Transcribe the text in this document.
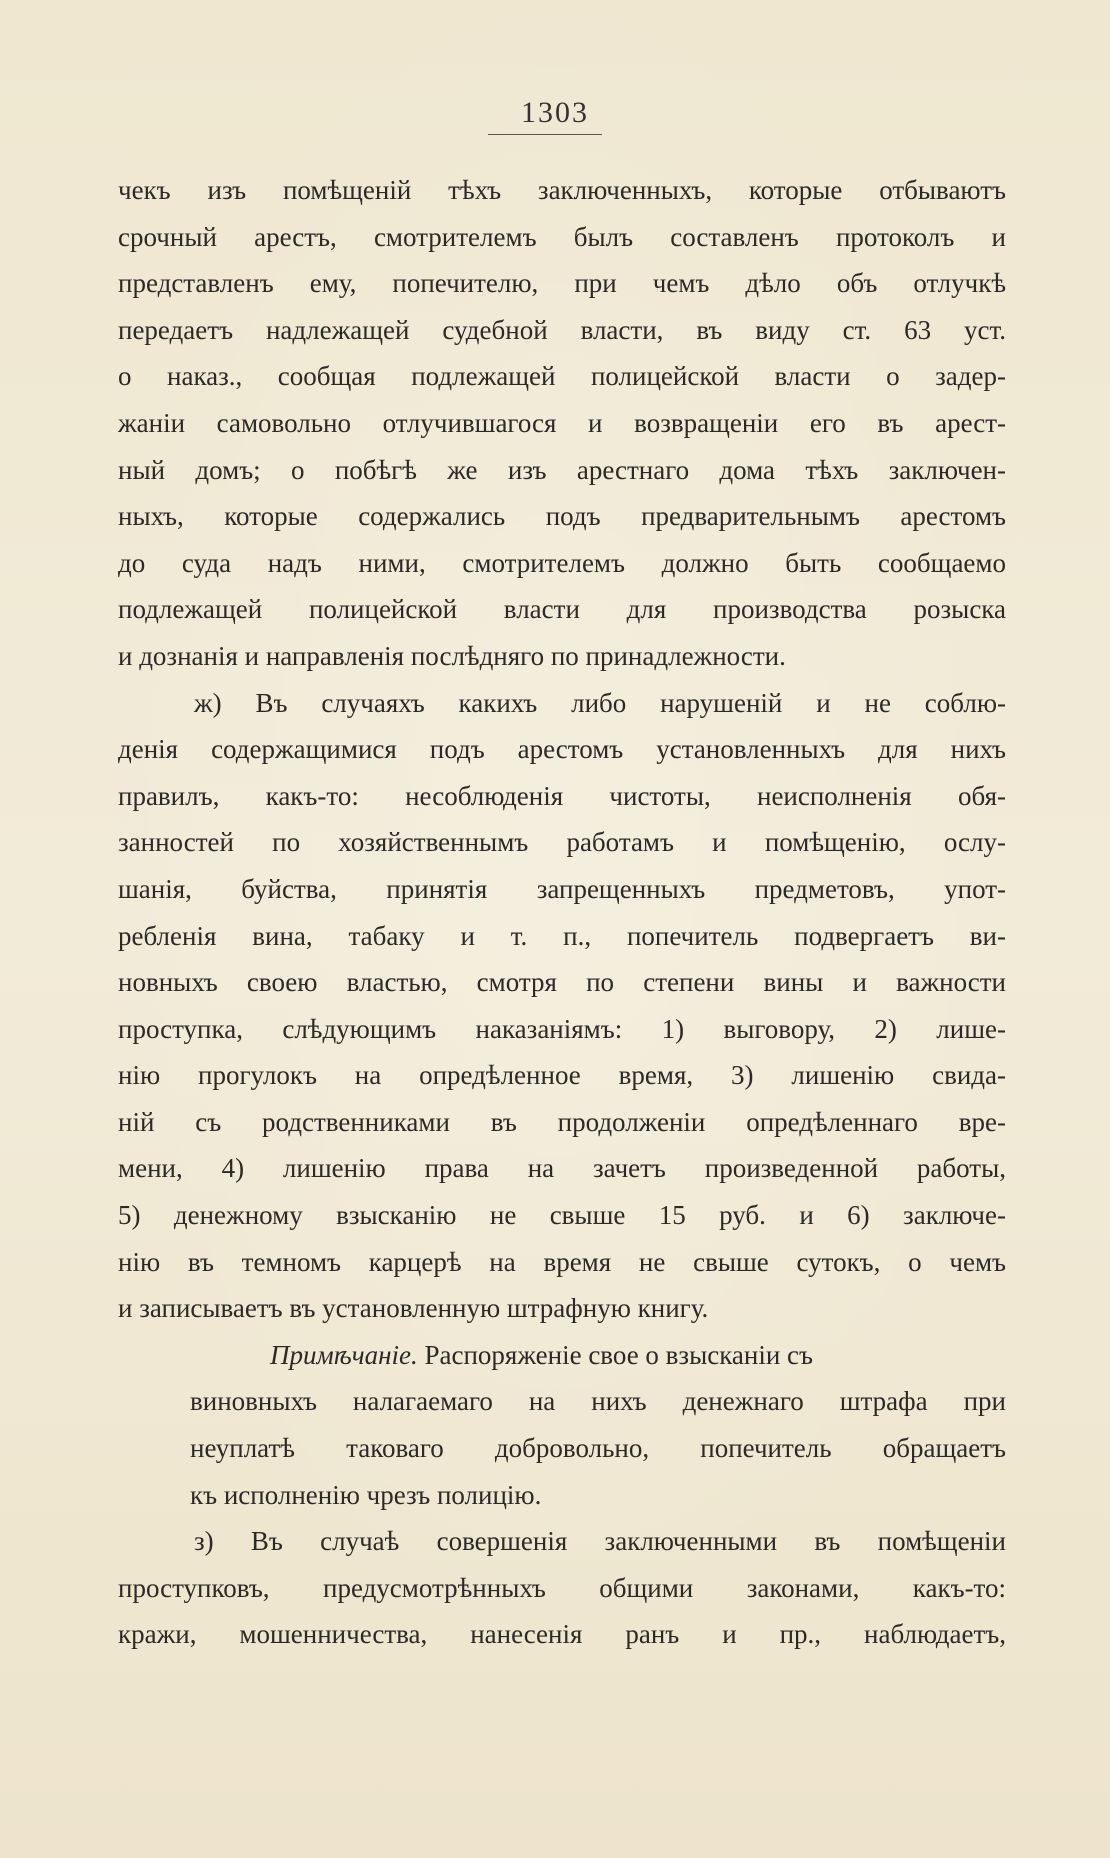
1303
чекъ изъ помѣщеній тѣхъ заключенныхъ, которые отбываютъ
срочный арестъ, смотрителемъ былъ составленъ протоколъ и
представленъ ему, попечителю, при чемъ дѣло объ отлучкѣ
передаетъ надлежащей судебной власти, въ виду ст. 63 уст.
о наказ., сообщая подлежащей полицейской власти о задер-
жаніи самовольно отлучившагося и возвращеніи его въ арест-
ный домъ; о побѣгѣ же изъ арестнаго дома тѣхъ заключен-
ныхъ, которые содержались подъ предварительнымъ арестомъ
до суда надъ ними, смотрителемъ должно быть сообщаемо
подлежащей полицейской власти для производства розыска
и дознанія и направленія послѣдняго по принадлежности.
ж) Въ случаяхъ какихъ либо нарушеній и не соблю-
денія содержащимися подъ арестомъ установленныхъ для нихъ
правилъ, какъ-то: несоблюденія чистоты, неисполненія обя-
занностей по хозяйственнымъ работамъ и помѣщенію, ослу-
шанія, буйства, принятія запрещенныхъ предметовъ, упот-
ребленія вина, табаку и т. п., попечитель подвергаетъ ви-
новныхъ своею властью, смотря по степени вины и важности
проступка, слѣдующимъ наказаніямъ: 1) выговору, 2) лише-
нію прогулокъ на опредѣленное время, 3) лишенію свида-
ній съ родственниками въ продолженіи опредѣленнаго вре-
мени, 4) лишенію права на зачетъ произведенной работы,
5) денежному взысканію не свыше 15 руб. и 6) заключе-
нію въ темномъ карцерѣ на время не свыше сутокъ, о чемъ
и записываетъ въ установленную штрафную книгу.
Примѣчаніе. Распоряженіе свое о взысканіи съ
виновныхъ налагаемаго на нихъ денежнаго штрафа при
неуплатѣ таковаго добровольно, попечитель обращаетъ
къ исполненію чрезъ полицію.
з) Въ случаѣ совершенія заключенными въ помѣщеніи
проступковъ, предусмотрѣнныхъ общими законами, какъ-то:
кражи, мошенничества, нанесенія ранъ и пр., наблюдаетъ,
